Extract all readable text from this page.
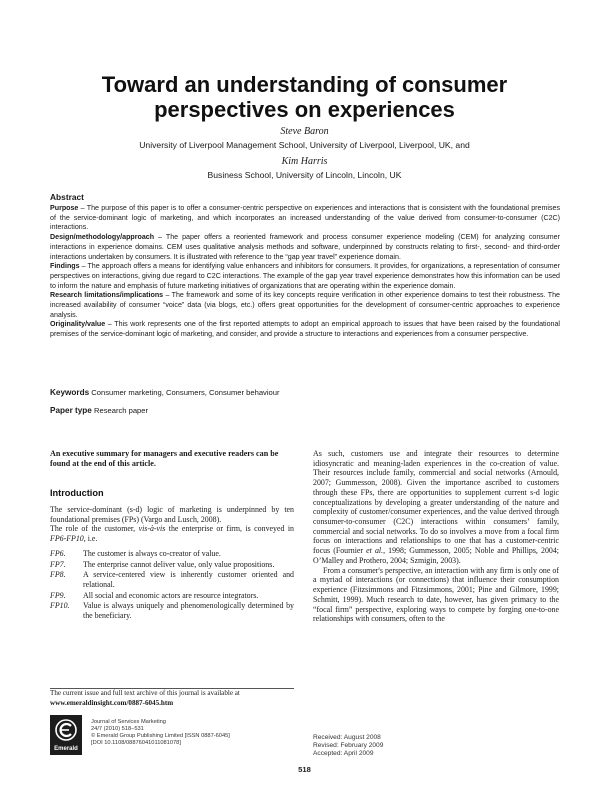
Toward an understanding of consumer perspectives on experiences
Steve Baron
University of Liverpool Management School, University of Liverpool, Liverpool, UK, and
Kim Harris
Business School, University of Lincoln, Lincoln, UK
Abstract

Purpose – The purpose of this paper is to offer a consumer-centric perspective on experiences and interactions that is consistent with the foundational premises of the service-dominant logic of marketing, and which incorporates an increased understanding of the value derived from consumer-to-consumer (C2C) interactions.

Design/methodology/approach – The paper offers a reoriented framework and process consumer experience modeling (CEM) for analyzing consumer interactions in experience domains. CEM uses qualitative analysis methods and software, underpinned by constructs relating to first-, second- and third-order interactions undertaken by consumers. It is illustrated with reference to the “gap year travel” experience domain.

Findings – The approach offers a means for identifying value enhancers and inhibitors for consumers. It provides, for organizations, a representation of consumer perspectives on interactions, giving due regard to C2C interactions. The example of the gap year travel experience demonstrates how this information can be used to inform the nature and emphasis of future marketing initiatives of organizations that are operating within the experience domain.

Research limitations/implications – The framework and some of its key concepts require verification in other experience domains to test their robustness. The increased availability of consumer “voice” data (via blogs, etc.) offers great opportunities for the development of consumer-centric approaches to experience analysis.

Originality/value – This work represents one of the first reported attempts to adopt an empirical approach to issues that have been raised by the foundational premises of the service-dominant logic of marketing, and consider, and provide a structure to interactions and experiences from a consumer perspective.

Keywords Consumer marketing, Consumers, Consumer behaviour
Paper type Research paper

An executive summary for managers and executive readers can be found at the end of this article.

Introduction

The service-dominant (s-d) logic of marketing is underpinned by ten foundational premises (FPs) (Vargo and Lusch, 2008).

The role of the customer, vis-à-vis the enterprise or firm, is conveyed in FP6-FP10, i.e.

FP6.	The customer is always co-creator of value.
FP7.	The enterprise cannot deliver value, only value propositions.
FP8.	A service-centered view is inherently customer oriented and relational.
FP9.	All social and economic actors are resource integrators.
FP10.	Value is always uniquely and phenomenologically determined by the beneficiary.

As such, customers use and integrate their resources to determine idiosyncratic and meaning-laden experiences in the co-creation of value. Their resources include family, commercial and social networks (Arnould, 2007; Gummesson, 2008). Given the importance ascribed to customers through these FPs, there are opportunities to supplement current s-d logic conceptualizations by developing a greater understanding of the nature and complexity of customer/consumer experiences, and the value derived through consumer-to-consumer (C2C) interactions within consumers’ family, commercial and social networks. To do so involves a move from a focal firm focus on interactions and relationships to one that has a customer-centric focus (Fournier et al., 1998; Gummesson, 2005; Noble and Phillips, 2004; O’Malley and Prothero, 2004; Szmigin, 2003).

From a consumer's perspective, an interaction with any firm is only one of a myriad of interactions (or connections) that influence their consumption experience (Fitzsimmons and Fitzsimmons, 2001; Pine and Gilmore, 1999; Schmitt, 1999). Much research to date, however, has given primacy to the “focal firm” perspective, exploring ways to compete by forging one-to-one relationships with consumers, often to the

The current issue and full text archive of this journal is available at
www.emeraldinsight.com/0887-6045.htm
Emerald
Journal of Services Marketing
24/7 (2010) 518–531
© Emerald Group Publishing Limited [ISSN 0887-6045]
[DOI 10.1108/08876041011081078]
Received: August 2008
Revised: February 2009
Accepted: April 2009
518
